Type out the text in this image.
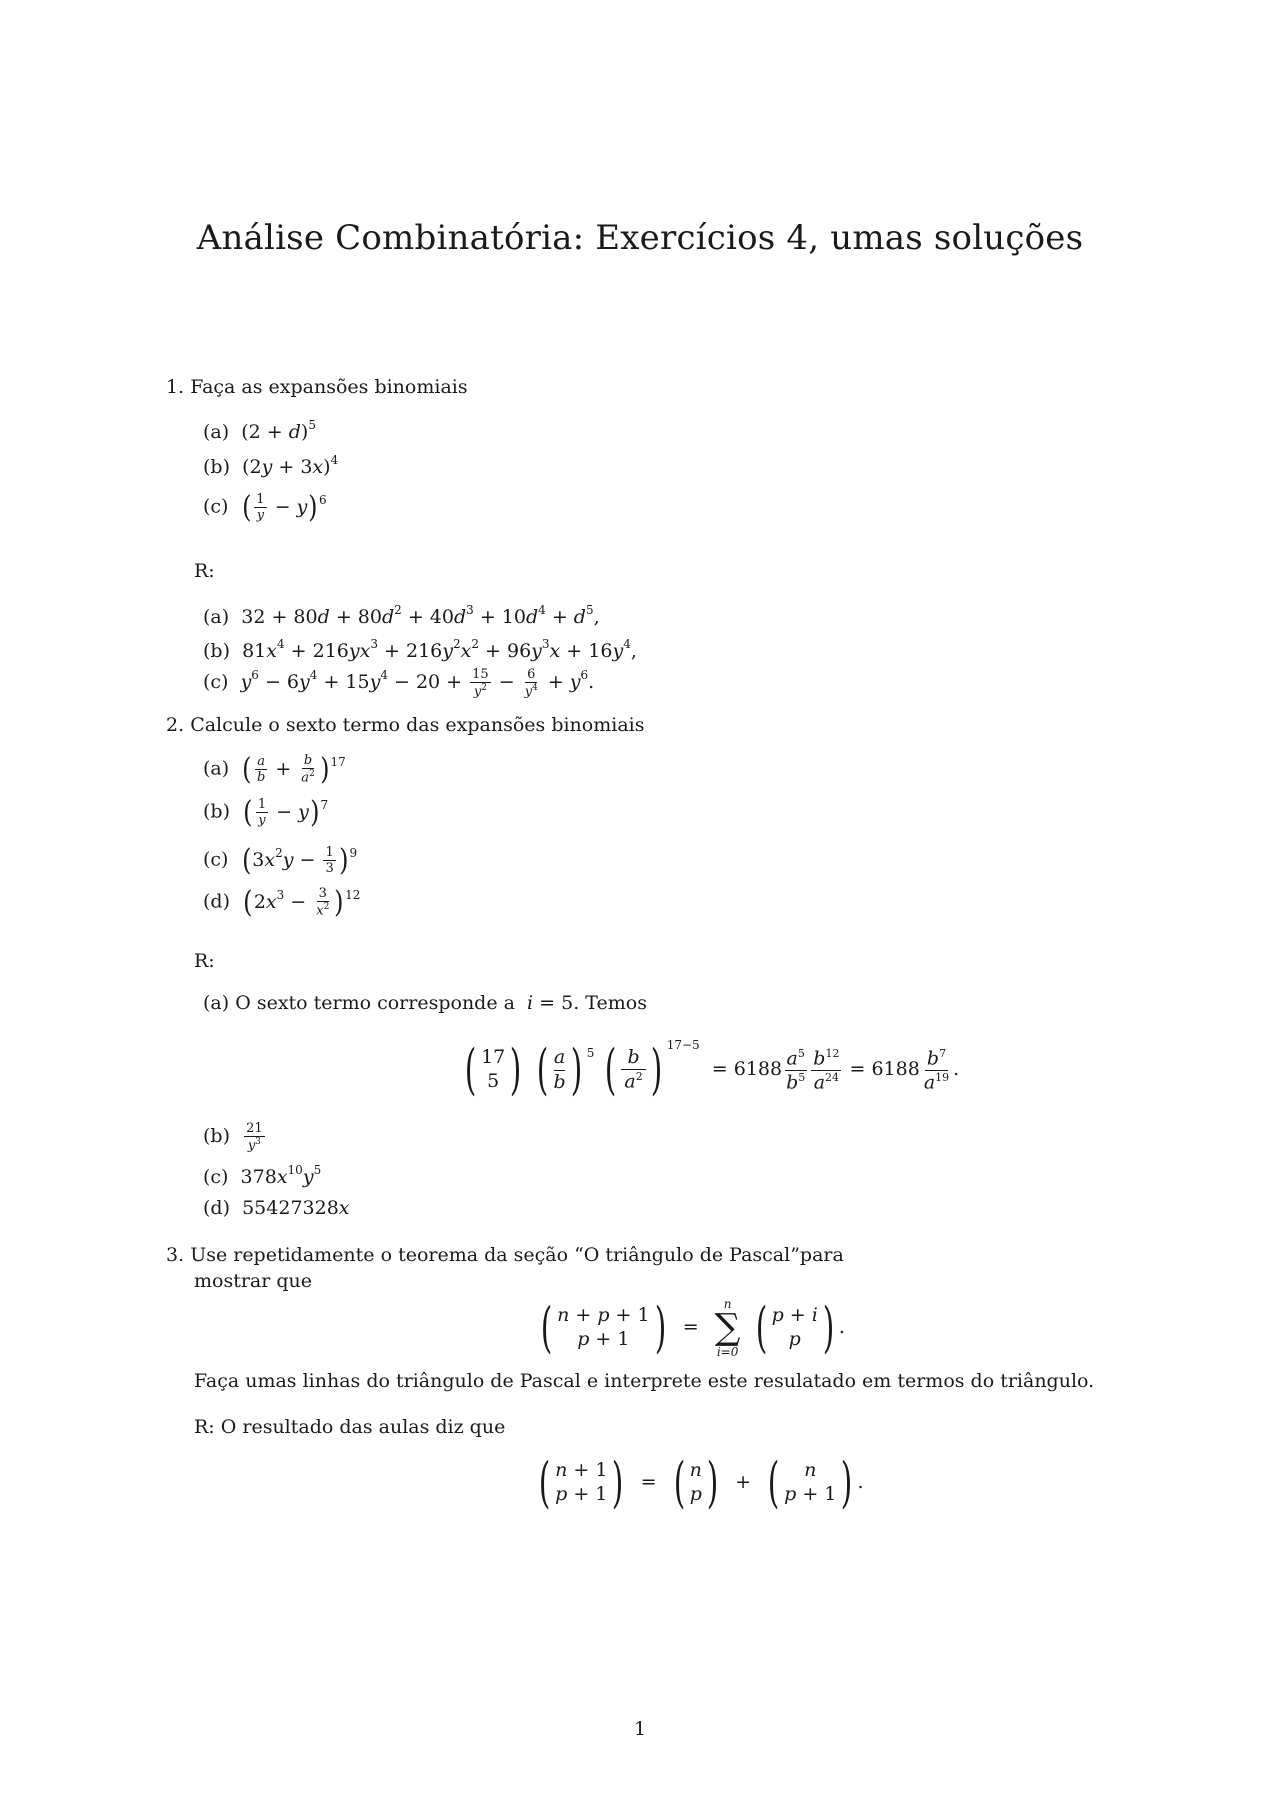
Análise Combinatória: Exercícios 4, umas soluções
1. Faça as expansões binomiais
(a)  $(2 + d)^5$
(b)  $(2y + 3x)^4$
(c) ( $\frac{1}{y} - y)^6$
R:
(a)  $32 + 80d + 80d^2 + 40d^3 + 10d^4 + d^5$,
(b)  $81x^4 + 216yx^3 + 216y^2x^2 + 96y^3x + 16y^4$,
(c) $y^6 - 6y^4 + 15y^4 - 20 + \frac{15}{y^2} - \frac{6}{y^4} + y^6$.
2. Calcule o sexto termo das expansões binomiais
(a) ( $\frac{a}{b} + \frac{b}{a^2} )^{17}$
(b) ( $\frac{1}{y} - y)^7$
(c) $(3x^2y - \frac{1}{3} )^9$
(d) $(2x^3 - \frac{3}{x^2} )^{12}$
R:
(a) O sexto termo corresponde a  i = 5. Temos
( 17
5 )
( a
b ) $^5$ ( b
$a^2$ ) $^{17-5} = 6188 \frac{a^5}{b^5} \frac{b^{12}}{a^{24}} = 6188 \frac{b^7}{a^{19}}$ .
$(b) \frac{21}{y^3}$
(c)  $378x^{10}y^5$
(d)  55427328x
3. Use repetidamente o teorema da seção “O triângulo de Pascal”para
mostrar que
( n + p + 1
p + 1 ) =
n
∑
i=0
( p + i
p ) .
Faça umas linhas do triângulo de Pascal e interprete este resulatado em termos do triângulo.
R: O resultado das aulas diz que
( n + 1
p + 1 ) = ( n
p ) + ( n
p + 1 ) .
1
